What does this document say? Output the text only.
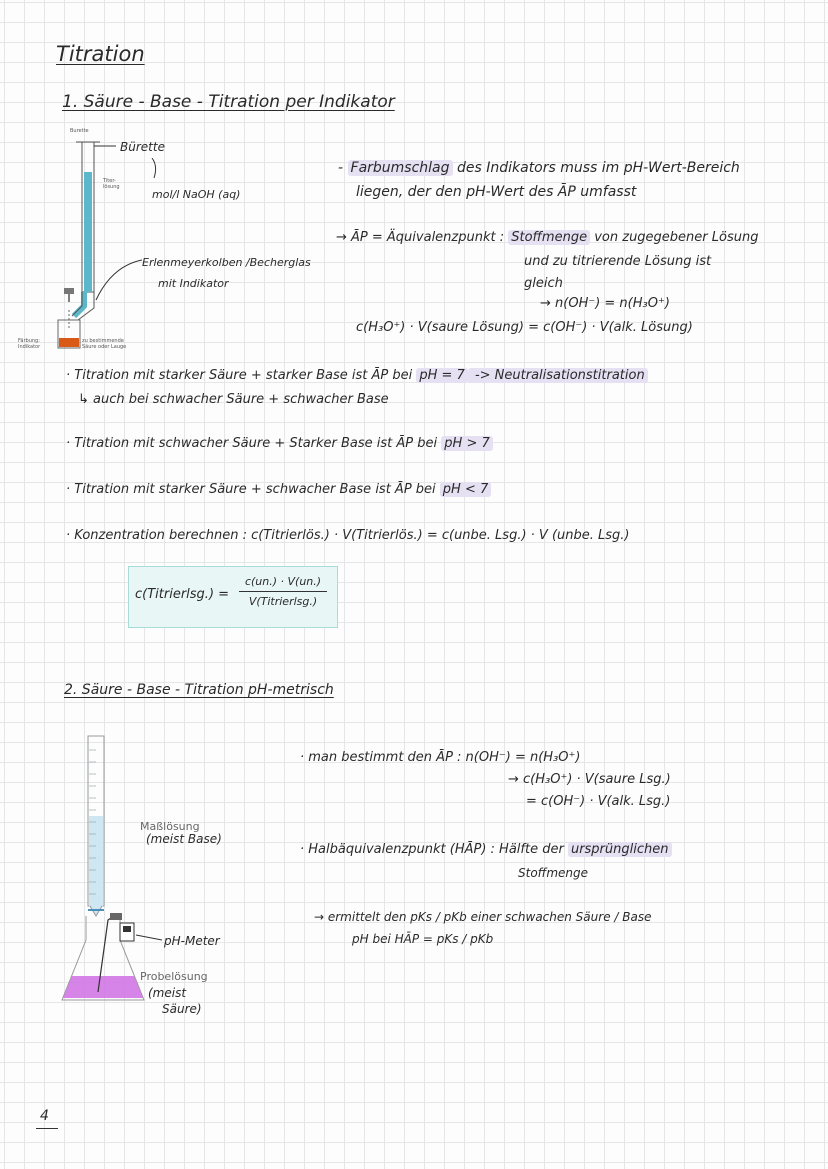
Titration
1. Säure - Base - Titration per Indikator
Burette
Bürette
Titer-
lösung
mol/l NaOH (aq)
Erlenmeyerkolben /Becherglas
mit Indikator
Färbung:
Indikator
zu bestimmende
Säure oder Lauge
- Farbumschlag des Indikators muss im pH-Wert-Bereich
liegen, der den pH-Wert des ĀP umfasst
→ ĀP = Äquivalenzpunkt : Stoffmenge von zugegebener Lösung
und zu titrierende Lösung ist
gleich
→ n(OH⁻) = n(H₃O⁺)
c(H₃O⁺) · V(saure Lösung) = c(OH⁻) · V(alk. Lösung)
· Titration mit starker Säure + starker Base ist ĀP bei pH = 7 -> Neutralisationstitration
↳ auch bei schwacher Säure + schwacher Base
· Titration mit schwacher Säure + Starker Base ist ĀP bei pH > 7
· Titration mit starker Säure + schwacher Base ist ĀP bei pH < 7
· Konzentration berechnen : c(Titrierlös.) · V(Titrierlös.) = c(unbe. Lsg.) · V (unbe. Lsg.)
c(Titrierlsg.) =
c(un.) · V(un.)
V(Titrierlsg.)
2. Säure - Base - Titration pH-metrisch
Maßlösung
(meist Base)
pH-Meter
Probelösung
(meist
Säure)
· man bestimmt den ĀP : n(OH⁻) = n(H₃O⁺)
→ c(H₃O⁺) · V(saure Lsg.)
= c(OH⁻) · V(alk. Lsg.)
· Halbäquivalenzpunkt (HĀP) : Hälfte der ursprünglichen
Stoffmenge
→ ermittelt den pKs / pKb einer schwachen Säure / Base
pH bei HĀP = pKs / pKb
4
